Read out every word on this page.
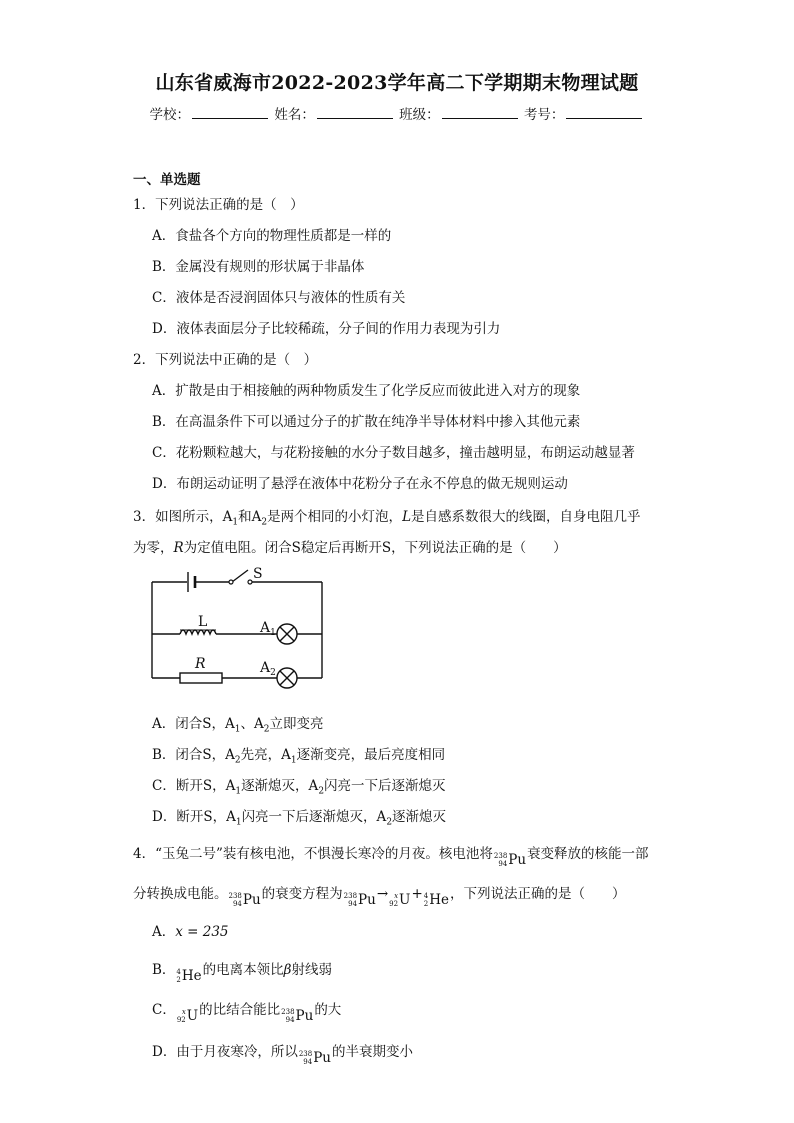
山东省威海市2022-2023学年高二下学期期末物理试题
学校：	姓名：	班级：	考号：
一、单选题
1．下列说法正确的是（　）
A．食盐各个方向的物理性质都是一样的
B．金属没有规则的形状属于非晶体
C．液体是否浸润固体只与液体的性质有关
D．液体表面层分子比较稀疏，分子间的作用力表现为引力
2．下列说法中正确的是（　）
A．扩散是由于相接触的两种物质发生了化学反应而彼此进入对方的现象
B．在高温条件下可以通过分子的扩散在纯净半导体材料中掺入其他元素
C．花粉颗粒越大，与花粉接触的水分子数目越多，撞击越明显，布朗运动越显著
D．布朗运动证明了悬浮在液体中花粉分子在永不停息的做无规则运动
3．如图所示，$A_1$和$A_2$是两个相同的小灯泡，L是自感系数很大的线圈，自身电阻几乎
为零，R为定值电阻。闭合S稳定后再断开S，下列说法正确的是（　　）
S
L	$A_1$
R	$A_2$
A．闭合S，$A_1$、$A_2$立即变亮
B．闭合S，$A_2$先亮，$A_1$逐渐变亮，最后亮度相同
C．断开S，$A_1$逐渐熄灭，$A_2$闪亮一下后逐渐熄灭
D．断开S，$A_1$闪亮一下后逐渐熄灭，$A_2$逐渐熄灭
4．“玉兔二号”装有核电池，不惧漫长寒冷的月夜。核电池将 238
94 Pu 衰变释放的核能一部
分转换成电能。 238
94 Pu 的衰变方程为 238
94 Pu → x
92 U + 4
2 He ，下列说法正确的是（　　）
A．x = 235
B． 4
2 He 的电离本领比β射线弱
C． x
92 U 的比结合能比 238
94 Pu 的大
D．由于月夜寒冷，所以 238
94 Pu 的半衰期变小
